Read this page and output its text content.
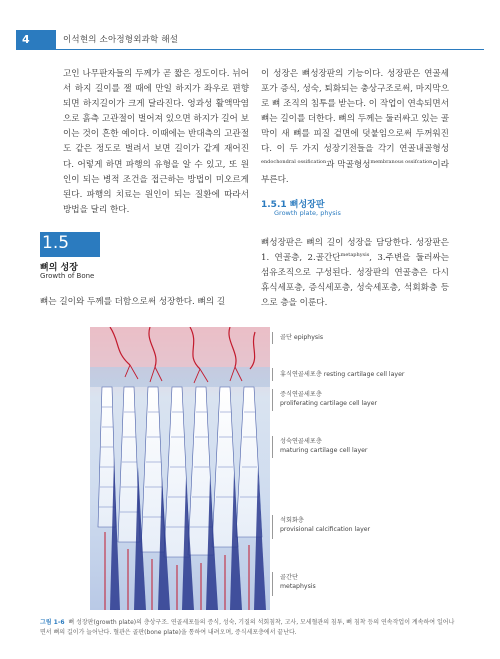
4	이석현의 소아정형외과학 해설
고인 나무판자들의 두께가 곧 짧은 정도이다. 뉘어서 하지 길이를 잴 때에 만일 하지가 좌우로 편향되면 하지길이가 크게 달라진다. 엉과성 활액막염으로 흙측 고관절이 벌어져 있으면 하지가 길어 보이는 것이 흔한 예이다. 이때에는 반대측의 고관절도 같은 정도로 벌려서 보면 길이가 같게 재어진다. 어렇게 하면 파행의 유형을 알 수 있고, 또 원인이 되는 병적 조건을 접근하는 방법이 미오르게 된다. 파행의 치료는 원인이 되는 질환에 따라서 방법을 달리 한다.
이 성장은 뼈성장판의 기능이다. 성장판은 연골세포가 증식, 성숙, 퇴화되는 충상구조로써, 마지막으로 뼈 조직의 침투를 받는다. 이 작업이 연속되면서 뼈는 길이를 더한다. 뼈의 두께는 둘러싸고 있는 골막이 새 뼈를 피질 겉면에 덧붙임으로써 두꺼워진다. 이 두 가지 성장기전들을 각기 연골내골형성$^{endochondral ossification}$과 막골형성$^{membranous ossifcation}$이라 부른다.
1.5.1 뼈성장판
Growth plate, physis
뼈성장판은 뼈의 길이 성장을 담당한다. 성장판은 1. 연골층, 2.골간단$^{metaphysis}$, 3.주변을 둘러싸는 섬유조직으로 구성된다. 성장판의 연골층은 다시 휴식세포층, 증식세포층, 성숙세포층, 석회화층 등으로 층을 이룬다.
1.5
뼈의 성장
Growth of Bone
뼈는 길이와 두께를 더함으로써 성장한다. 뼈의 길
골단 epiphysis
휴식연골세포층 resting cartilage cell layer
증식연골세포층
proliferating cartilage cell layer
성숙연골세포층
maturing cartilage cell layer
석회화층
provisional calcification layer
골간단
metaphysis
그림 1-6 뼈 성장판(growth plate)의 층상구조. 연골세포들의 증식, 성숙, 기질의 석회침착, 고사, 모세혈관의 침투, 뼈 침착 등의 연속작업이 계속하여 일어나면서 뼈의 길이가 늘어난다. 혈관은 골판(bone plate)을 통하여 내려오며, 증식세포층에서 끝난다.
